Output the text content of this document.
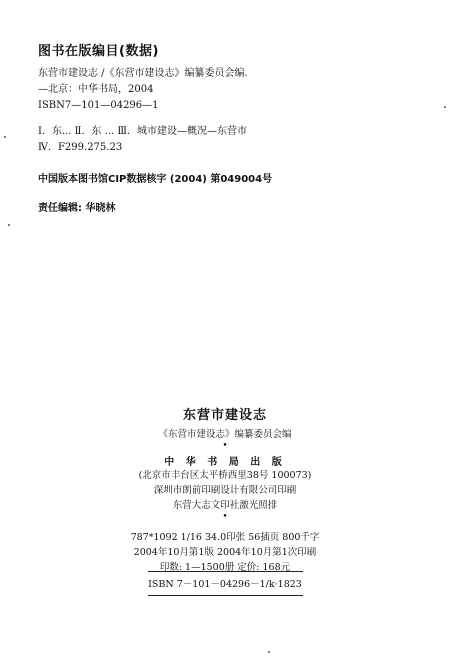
图书在版编目(数据)
东营市建设志 /《东营市建设志》编纂委员会编.
—北京：中华书局，2004
ISBN7—101—04296—1
Ⅰ．东... Ⅱ．东 ... Ⅲ．城市建设—概况—东营市
Ⅳ．F299.275.23
中国版本图书馆CIP数据核字 (2004) 第049004号
责任编辑: 华晓林
东营市建设志
《东营市建设志》编纂委员会编
•
中 华 书 局 出 版
(北京市丰台区太平桥西里38号 100073)
深圳市朗前印刷设计有限公司印刷
东营大志文印社激光照排
•
787*1092 1/16 34.0印张 56插页 800千字
2004年10月第1版 2004年10月第1次印刷
印数: 1—1500册 定价: 168元
ISBN 7－101－04296－1/k·1823
